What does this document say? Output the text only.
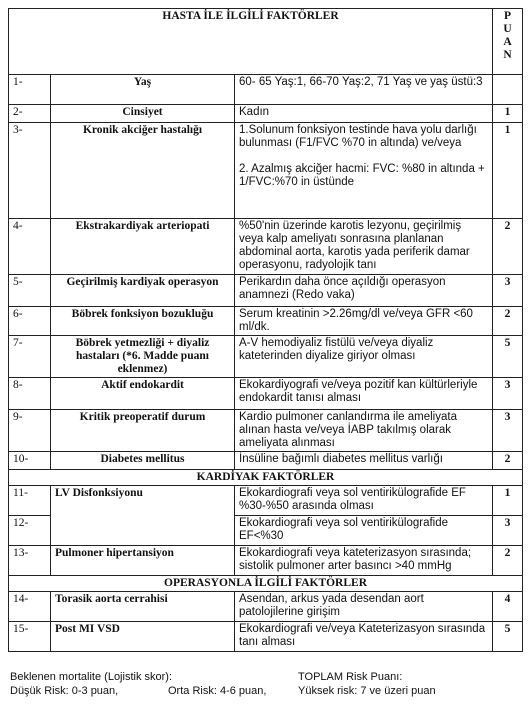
HASTA İLE İLGİLİ FAKTÖRLER			P
U
A
N

1-	Yaş	60- 65 Yaş:1, 66-70 Yaş:2, 71 Yaş ve yaş üstü:3	
2-	Cinsiyet	Kadın	1
3-	Kronik akciğer hastalığı	1.Solunum fonksiyon testinde hava yolu darlığı bulunması (F1/FVC %70 in altında) ve/veya

2. Azalmış akciğer hacmi: FVC: %80 in altında + 1/FVC:%70 in üstünde	1
4-	Ekstrakardiyak arteriopati	%50'nin üzerinde karotis lezyonu, geçirilmiş veya kalp ameliyatı sonrasına planlanan abdominal aorta, karotis yada periferik damar operasyonu, radyolojik tanı	2
5-	Geçirilmiş kardiyak operasyon	Perikardın daha önce açıldığı operasyon anamnezi (Redo vaka)	3
6-	Böbrek fonksiyon bozukluğu	Serum kreatinin >2.26mg/dl ve/veya GFR <60 ml/dk.	2
7-	Böbrek yetmezliği + diyaliz hastaları (*6. Madde puanı eklenmez)	A-V hemodiyaliz fistülü ve/veya diyaliz kateterinden diyalize giriyor olması	5
8-	Aktif endokardit	Ekokardiyografi ve/veya pozitif kan kültürleriyle endokardit tanısı alması	3
9-	Kritik preoperatif durum	Kardio pulmoner canlandırma ile ameliyata alınan hasta ve/veya İABP takılmış olarak ameliyata alınması	3
10-	Diabetes mellitus	İnsüline bağımlı diabetes mellitus varlığı	2
KARDİYAK FAKTÖRLER			
11-	LV Disfonksiyonu	Ekokardiografi veya sol ventirikülografide EF %30-%50 arasında olması	1
12-		Ekokardiografi veya sol ventirikülografide EF<%30	3
13-	Pulmoner hipertansiyon	Ekokardiografi veya kateterizasyon sırasında; sistolik pulmoner arter basıncı >40 mmHg	2
OPERASYONLA İLGİLİ FAKTÖRLER			
14-	Torasik aorta cerrahisi	Asendan, arkus yada desendan aort patolojilerine girişim	4
15-	Post MI VSD	Ekokardiografi ve/veya Kateterizasyon sırasında tanı alması	5
Beklenen mortalite (Lojistik skor):	TOPLAM Risk Puanı:
Düşük Risk: 0-3 puan,	Orta Risk: 4-6 puan,	Yüksek risk: 7 ve üzeri puan
